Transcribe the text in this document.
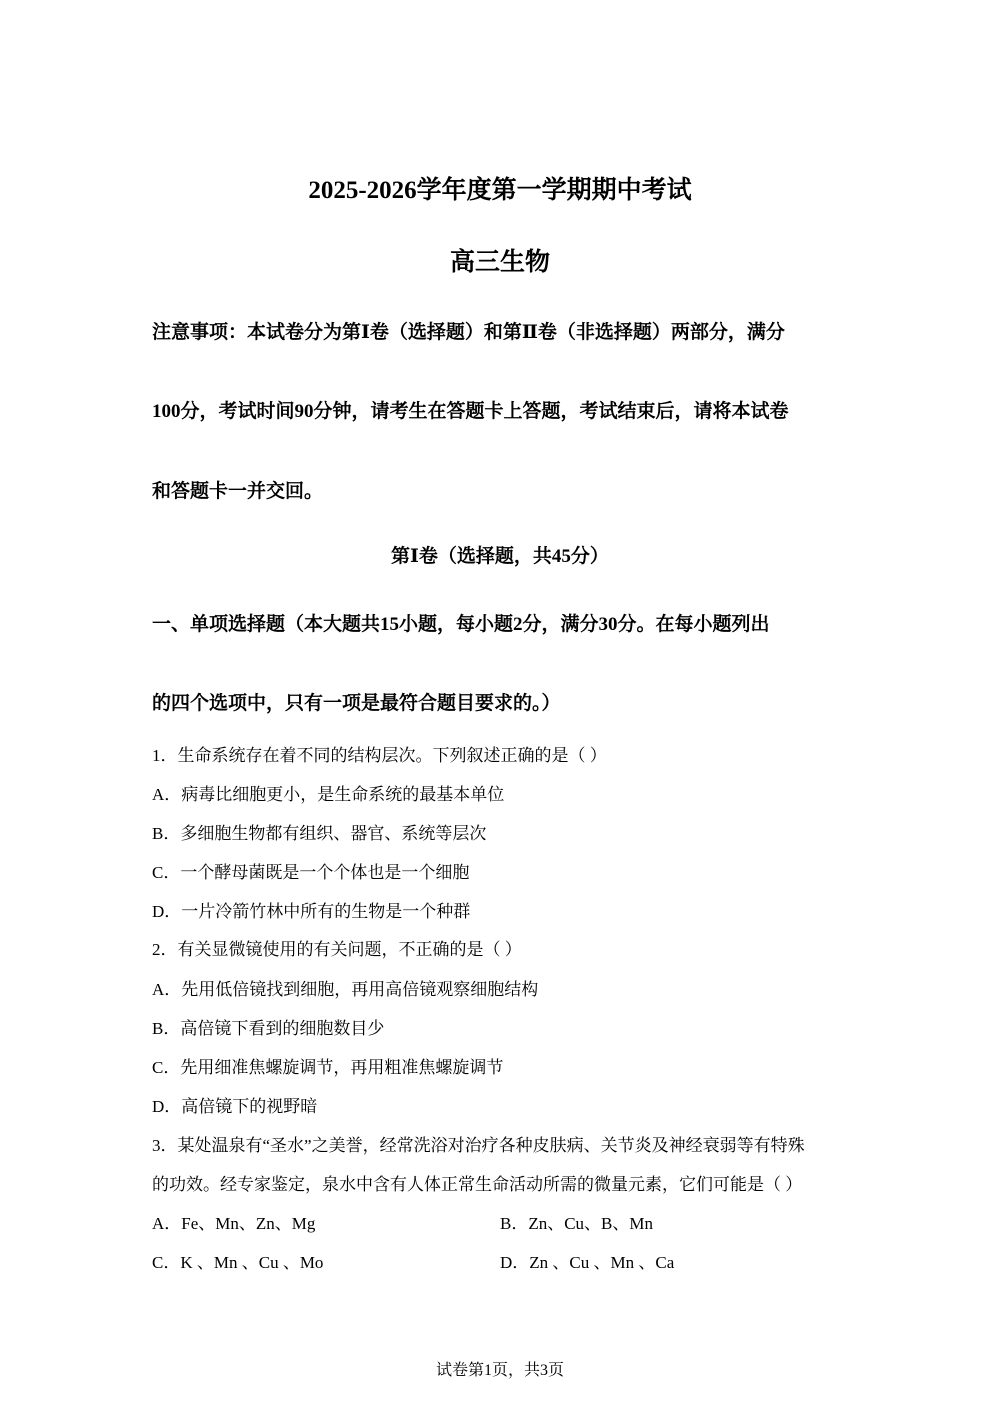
2025-2026学年度第一学期期中考试
高三生物
注意事项：本试卷分为第Ⅰ卷（选择题）和第Ⅱ卷（非选择题）两部分，满分
100分，考试时间90分钟，请考生在答题卡上答题，考试结束后，请将本试卷
和答题卡一并交回。
第Ⅰ卷（选择题，共45分）
一、单项选择题（本大题共15小题，每小题2分，满分30分。在每小题列出
的四个选项中，只有一项是最符合题目要求的。）
1．生命系统存在着不同的结构层次。下列叙述正确的是（ ）
A．病毒比细胞更小，是生命系统的最基本单位
B．多细胞生物都有组织、器官、系统等层次
C．一个酵母菌既是一个个体也是一个细胞
D．一片冷箭竹林中所有的生物是一个种群
2．有关显微镜使用的有关问题，不正确的是（ ）
A．先用低倍镜找到细胞，再用高倍镜观察细胞结构
B．高倍镜下看到的细胞数目少
C．先用细准焦螺旋调节，再用粗准焦螺旋调节
D．高倍镜下的视野暗
3．某处温泉有“圣水”之美誉，经常洗浴对治疗各种皮肤病、关节炎及神经衰弱等有特殊
的功效。经专家鉴定，泉水中含有人体正常生命活动所需的微量元素，它们可能是（ ）
A．Fe、Mn、Zn、Mg	B．Zn、Cu、B、Mn
C．K 、Mn 、Cu 、Mo	D．Zn 、Cu 、Mn 、Ca
试卷第1页，共3页
